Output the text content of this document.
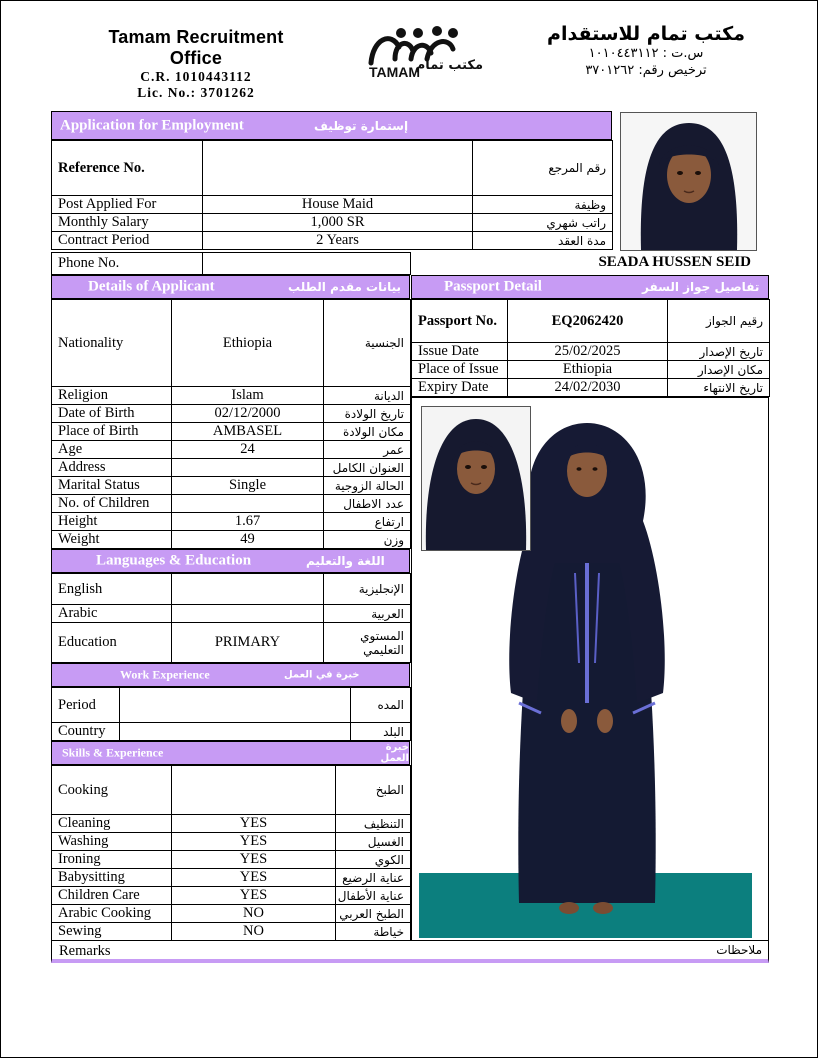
Tamam Recruitment Office
C.R. 1010443112
Lic. No.: 3701262
TAMAM
مكتب تمام
مكتب تمام للاستقدام
س.ت : ١٠١٠٤٤٣١١٢
ترخيص رقم: ٣٧٠١٢٦٢
Application for Employment	إستمارة توظيف
Reference No.		رقم المرجع
Post Applied For	House Maid	وظيفة
Monthly Salary	1,000 SR	راتب شهري
Contract Period	2 Years	مدة العقد
Phone No.		SEADA HUSSEN SEID
Details of Applicant	بيانات مقدم الطلب
Nationality	Ethiopia	الجنسية
Religion	Islam	الديانة
Date of Birth	02/12/2000	تاريخ الولادة
Place of Birth	AMBASEL	مكان الولادة
Age	24	عمر
Address		العنوان الكامل
Marital Status	Single	الحالة الزوجية
No. of Children		عدد الاطفال
Height	1.67	ارتفاع
Weight	49	وزن
Languages & Education	اللغة والتعليم
English		الإنجليزية
Arabic		العربية
Education	PRIMARY	المستوي التعليمي
Work Experience	خبرة في العمل
Period		المده
Country		البلد
Skills & Experience	خبرة العمل
Cooking		الطبخ
Cleaning	YES	التنظيف
Washing	YES	الغسيل
Ironing	YES	الكوي
Babysitting	YES	عناية الرضيع
Children Care	YES	عناية الأطفال
Arabic Cooking	NO	الطبخ العربي
Sewing	NO	خياطة
Passport Detail	تفاصيل جواز السفر
Passport No.	EQ2062420	رقيم الجواز
Issue Date	25/02/2025	تاريخ الإصدار
Place of Issue	Ethiopia	مكان الإصدار
Expiry Date	24/02/2030	تاريخ الانتهاء
Remarks	ملاحظات
